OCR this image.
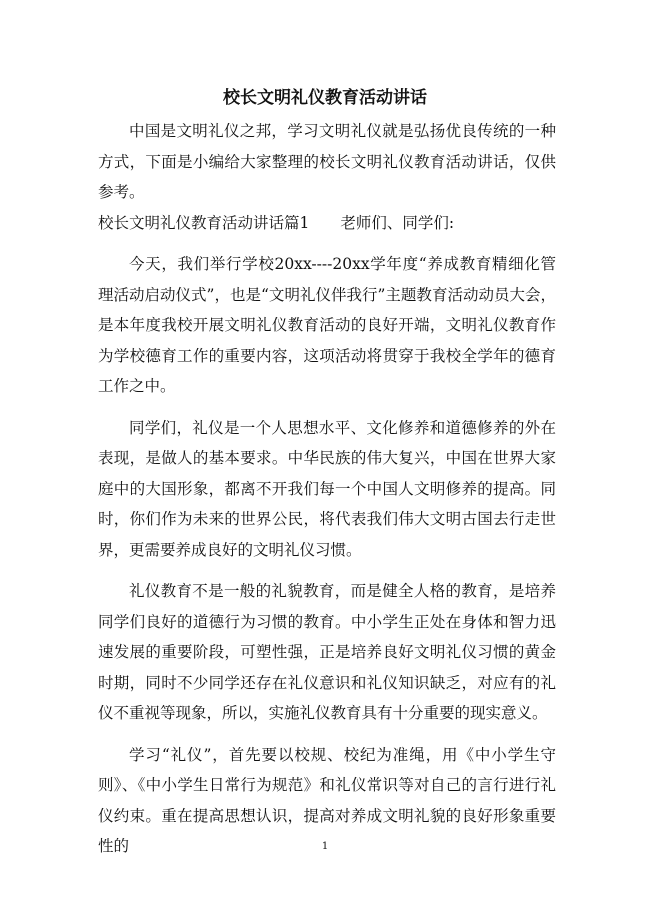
校长文明礼仪教育活动讲话

中国是文明礼仪之邦，学习文明礼仪就是弘扬优良传统的一种方式，下面是小编给大家整理的校长文明礼仪教育活动讲话，仅供参考。

校长文明礼仪教育活动讲话篇1　　老师们、同学们:

今天，我们举行学校20xx----20xx学年度“养成教育精细化管理活动启动仪式”，也是“文明礼仪伴我行”主题教育活动动员大会，是本年度我校开展文明礼仪教育活动的良好开端，文明礼仪教育作为学校德育工作的重要内容，这项活动将贯穿于我校全学年的德育工作之中。

同学们，礼仪是一个人思想水平、文化修养和道德修养的外在表现，是做人的基本要求。中华民族的伟大复兴，中国在世界大家庭中的大国形象，都离不开我们每一个中国人文明修养的提高。同时，你们作为未来的世界公民，将代表我们伟大文明古国去行走世界，更需要养成良好的文明礼仪习惯。

礼仪教育不是一般的礼貌教育，而是健全人格的教育，是培养同学们良好的道德行为习惯的教育。中小学生正处在身体和智力迅速发展的重要阶段，可塑性强，正是培养良好文明礼仪习惯的黄金时期，同时不少同学还存在礼仪意识和礼仪知识缺乏，对应有的礼仪不重视等现象，所以，实施礼仪教育具有十分重要的现实意义。

学习“礼仪”，首先要以校规、校纪为准绳，用《中小学生守则》、《中小学生日常行为规范》和礼仪常识等对自己的言行进行礼仪约束。重在提高思想认识，提高对养成文明礼貌的良好形象重要性的	1
